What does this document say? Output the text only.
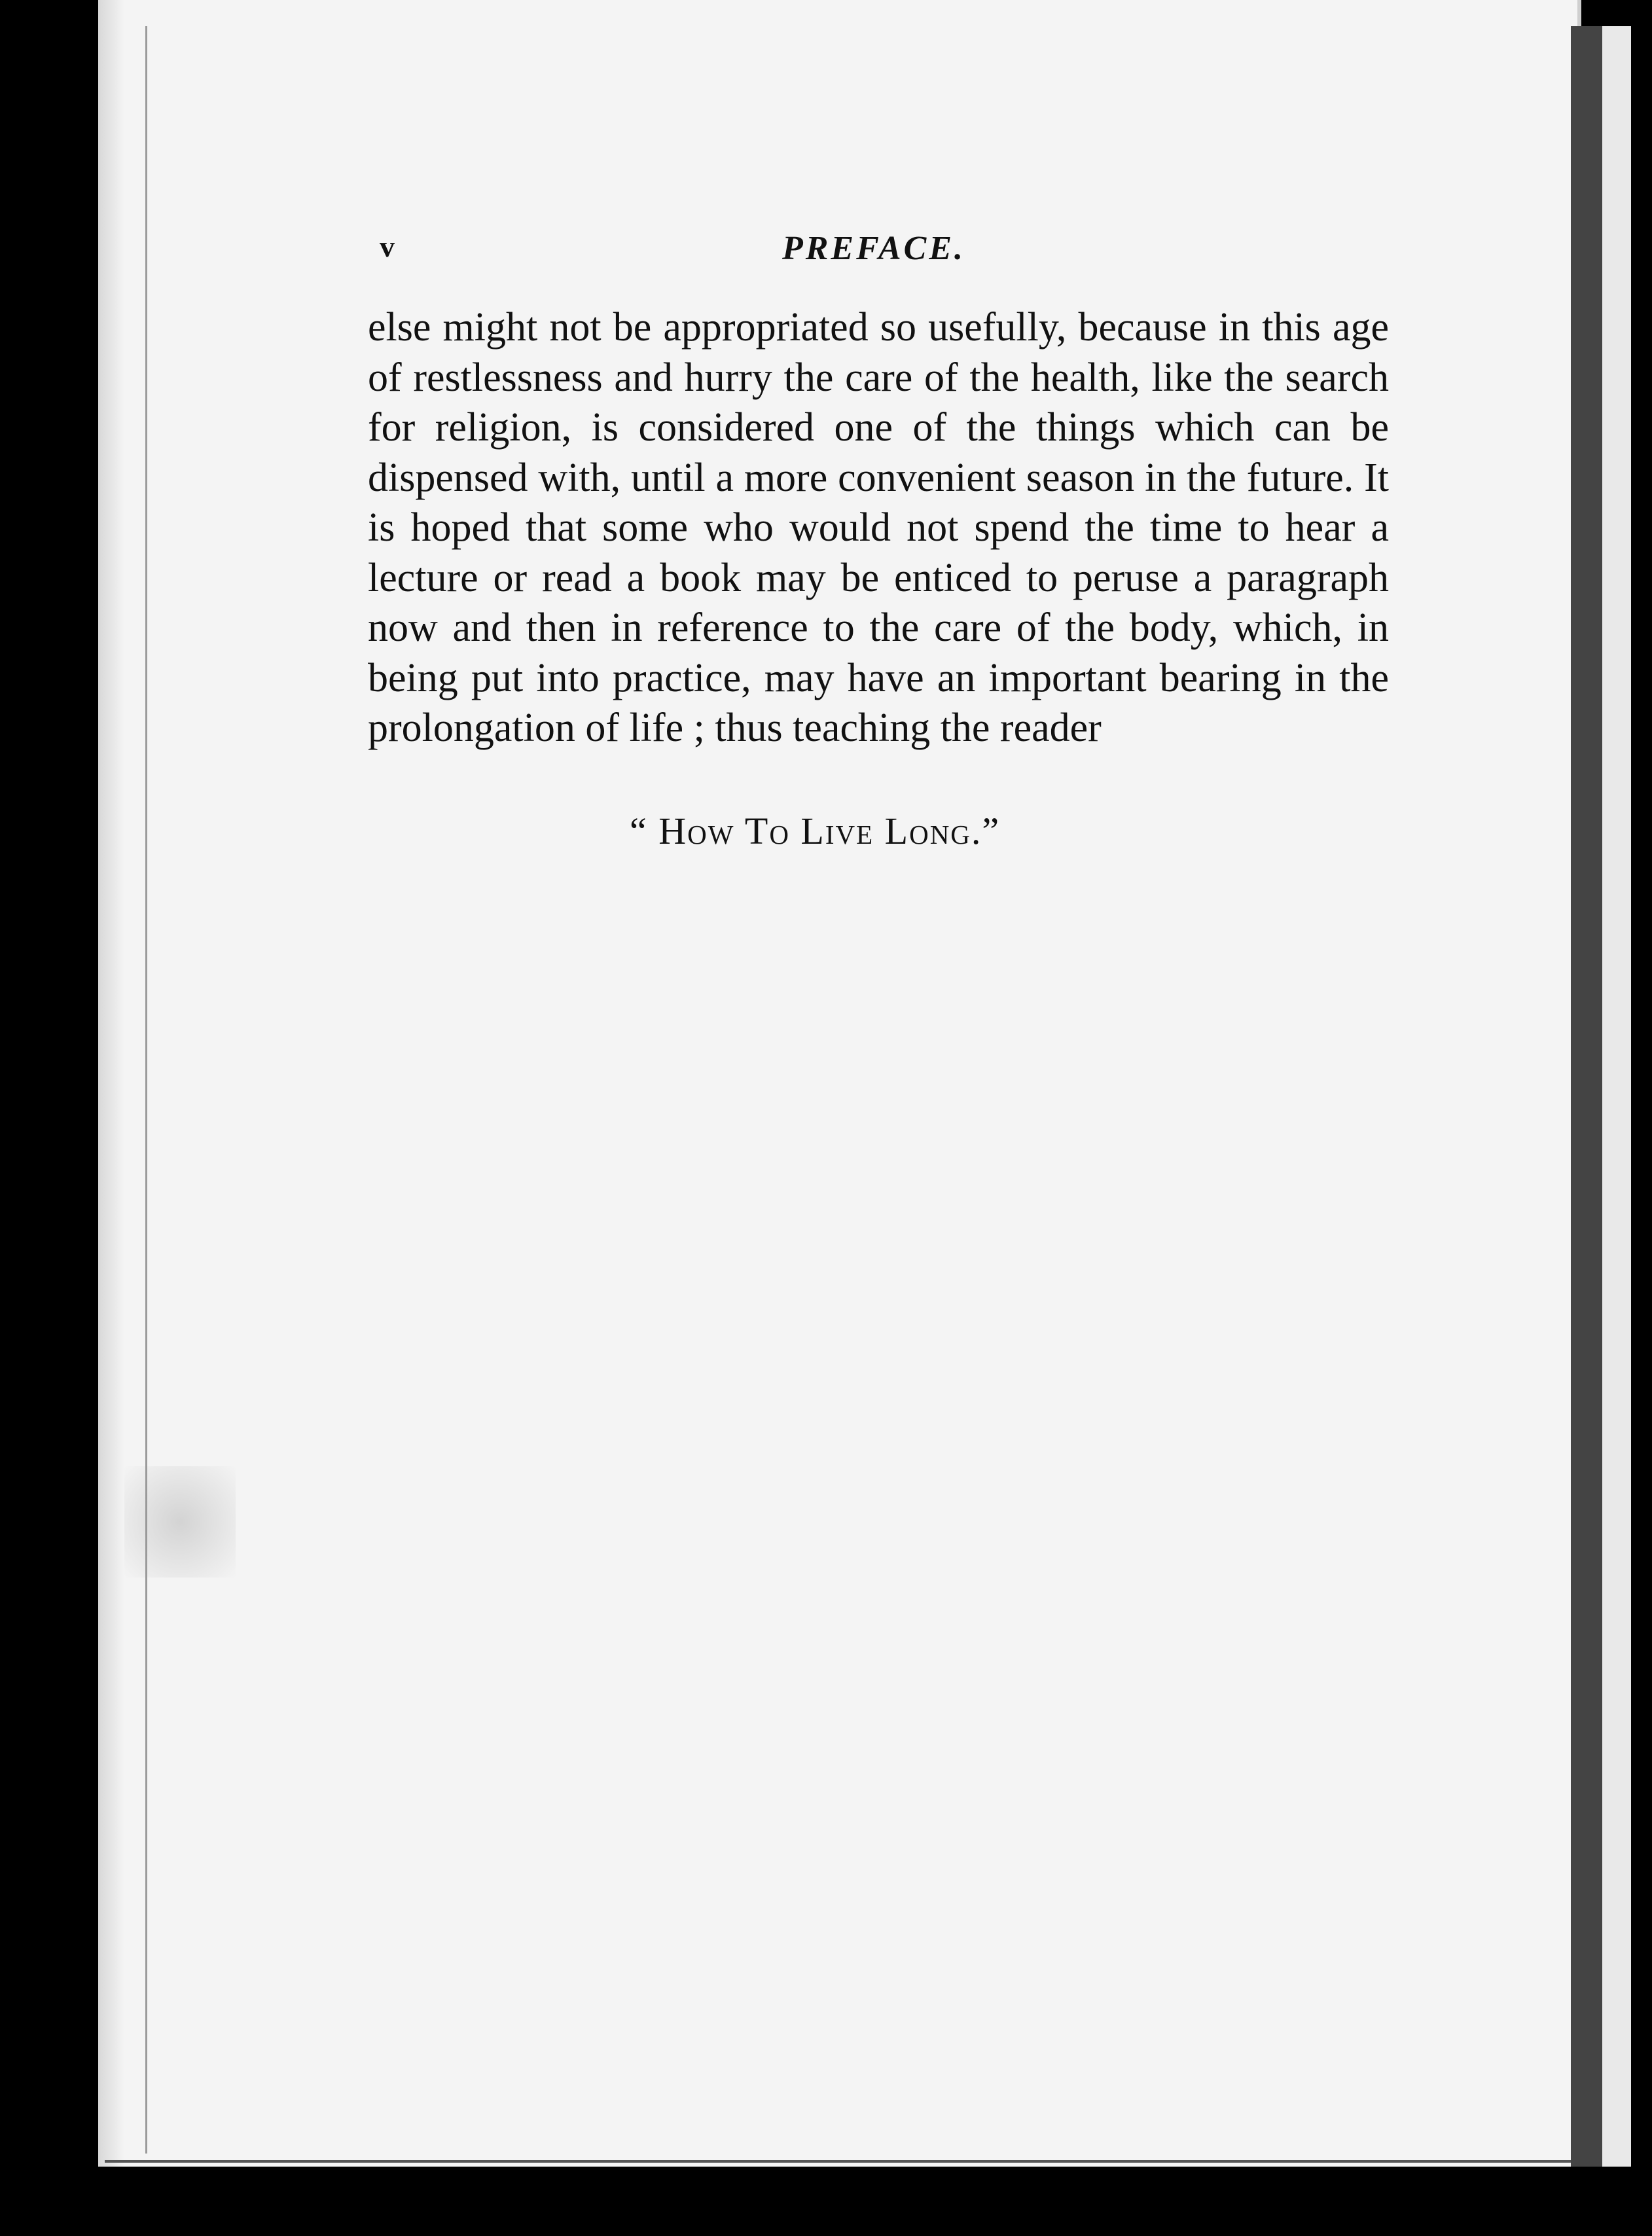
v	PREFACE.

else might not be appropriated so usefully, because in this age of restlessness and hurry the care of the health, like the search for religion, is considered one of the things which can be dispensed with, until a more convenient season in the future. It is hoped that some who would not spend the time to hear a lecture or read a book may be enticed to peruse a paragraph now and then in reference to the care of the body, which, in being put into practice, may have an important bearing in the prolongation of life ; thus teaching the reader

“ How To Live Long.”
